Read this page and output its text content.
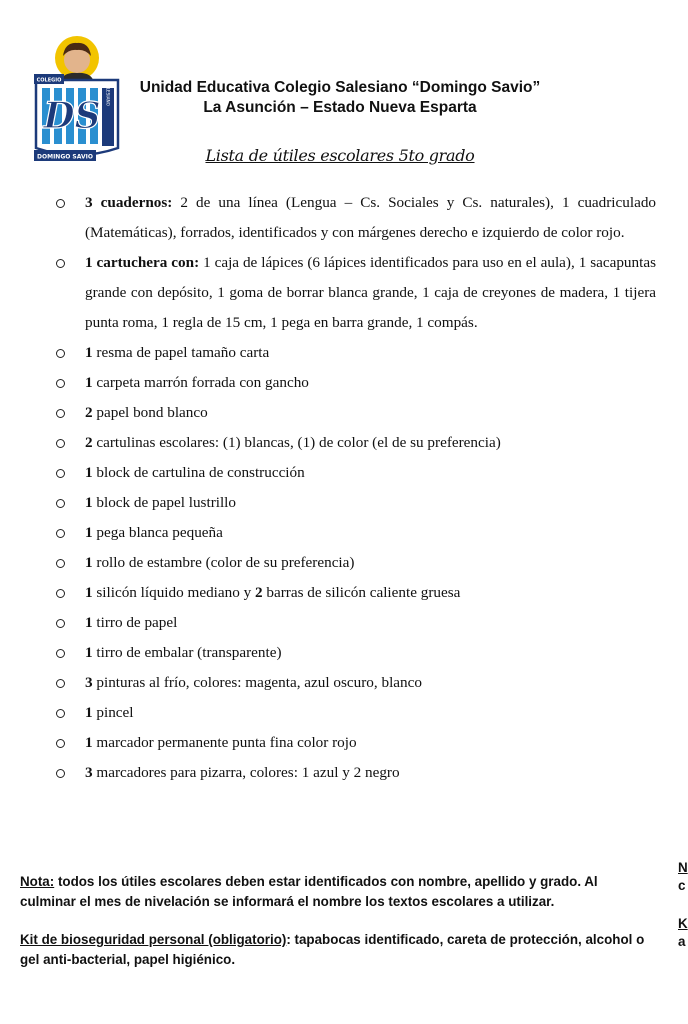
SALESIANO
COLEGIO
DS
DOMINGO SAVIO
Unidad Educativa Colegio Salesiano “Domingo Savio”
La Asunción – Estado Nueva Esparta
Lista de útiles escolares 5to grado
3 cuadernos: 2 de una línea (Lengua – Cs. Sociales y Cs. naturales), 1 cuadriculado (Matemáticas), forrados, identificados y con márgenes derecho e izquierdo de color rojo.
1 cartuchera con: 1 caja de lápices (6 lápices identificados para uso en el aula), 1 sacapuntas grande con depósito, 1 goma de borrar blanca grande, 1 caja de creyones de madera, 1 tijera punta roma, 1 regla de 15 cm, 1 pega en barra grande, 1 compás.
1 resma de papel tamaño carta
1 carpeta marrón forrada con gancho
2 papel bond blanco
2 cartulinas escolares: (1) blancas, (1) de color (el de su preferencia)
1 block de cartulina de construcción
1 block de papel lustrillo
1 pega blanca pequeña
1 rollo de estambre (color de su preferencia)
1 silicón líquido mediano y 2 barras de silicón caliente gruesa
1 tirro de papel
1 tirro de embalar (transparente)
3 pinturas al frío, colores: magenta, azul oscuro, blanco
1 pincel
1 marcador permanente punta fina color rojo
3 marcadores para pizarra, colores: 1 azul y 2 negro
Nota: todos los útiles escolares deben estar identificados con nombre, apellido y grado. Al culminar el mes de nivelación se informará el nombre los textos escolares a utilizar.
Kit de bioseguridad personal (obligatorio): tapabocas identificado, careta de protección, alcohol o gel anti-bacterial, papel higiénico.
N
c
K
a
